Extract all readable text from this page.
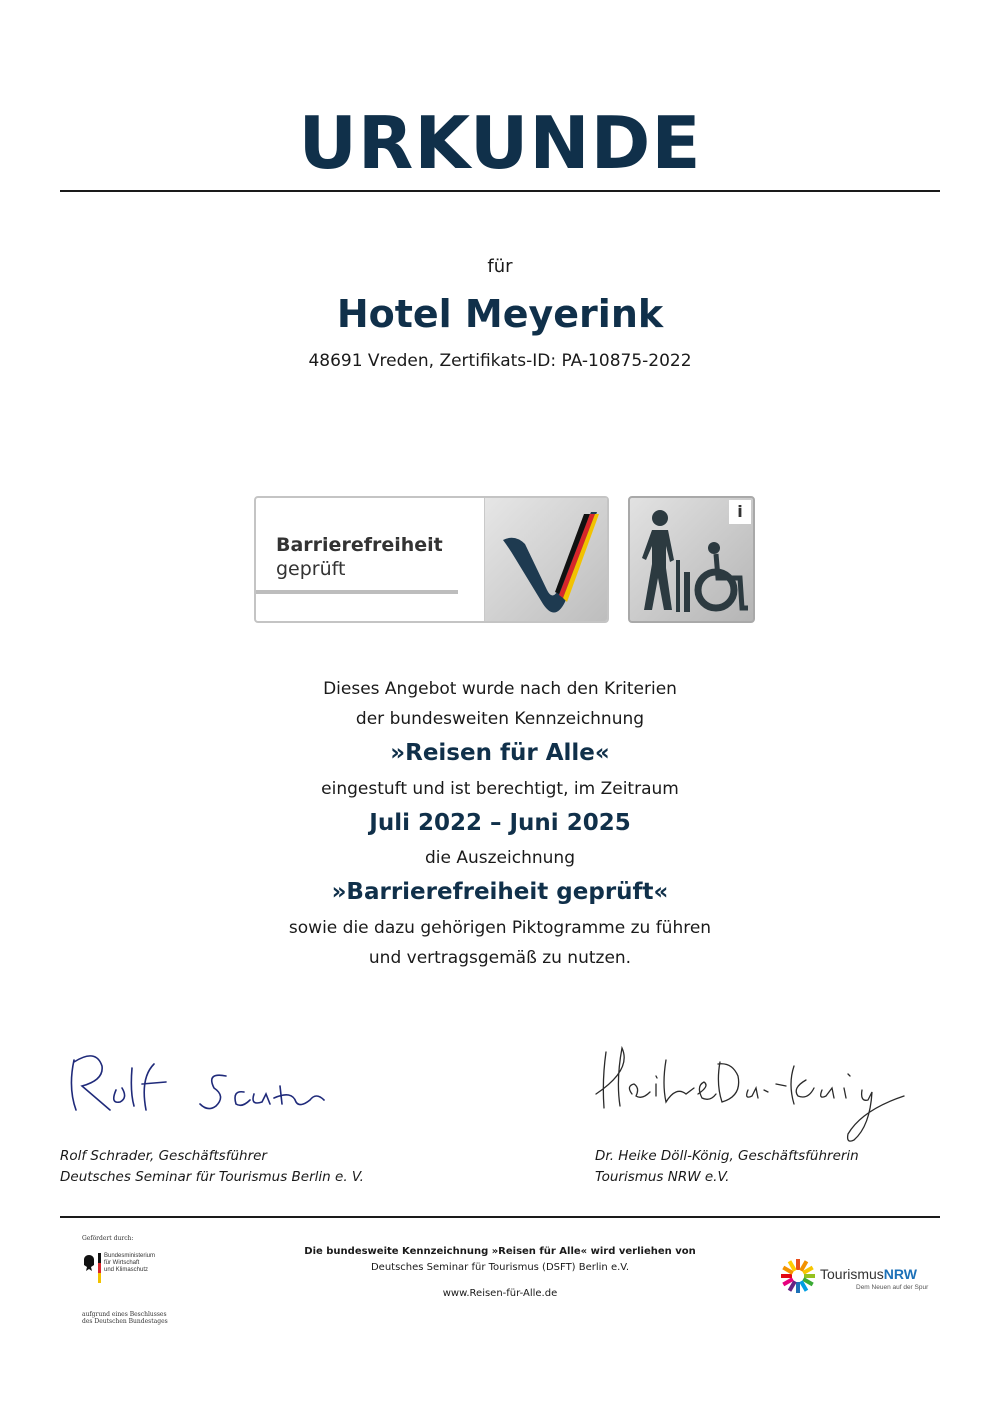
URKUNDE
für
Hotel Meyerink
48691 Vreden, Zertifikats-ID: PA-10875-2022
Barrierefreiheit
geprüft
i
Dieses Angebot wurde nach den Kriterien
der bundesweiten Kennzeichnung
»Reisen für Alle«
eingestuft und ist berechtigt, im Zeitraum
Juli 2022 – Juni 2025
die Auszeichnung
»Barrierefreiheit geprüft«
sowie die dazu gehörigen Piktogramme zu führen
und vertragsgemäß zu nutzen.
Rolf Schrader, Geschäftsführer
Deutsches Seminar für Tourismus Berlin e. V.
Dr. Heike Döll-König, Geschäftsführerin
Tourismus NRW e.V.
Gefördert durch:
Bundesministerium
für Wirtschaft
und Klimaschutz
aufgrund eines Beschlusses
des Deutschen Bundestages
Die bundesweite Kennzeichnung »Reisen für Alle« wird verliehen von
Deutsches Seminar für Tourismus (DSFT) Berlin e.V.
www.Reisen-für-Alle.de
TourismusNRW
Dem Neuen auf der Spur
